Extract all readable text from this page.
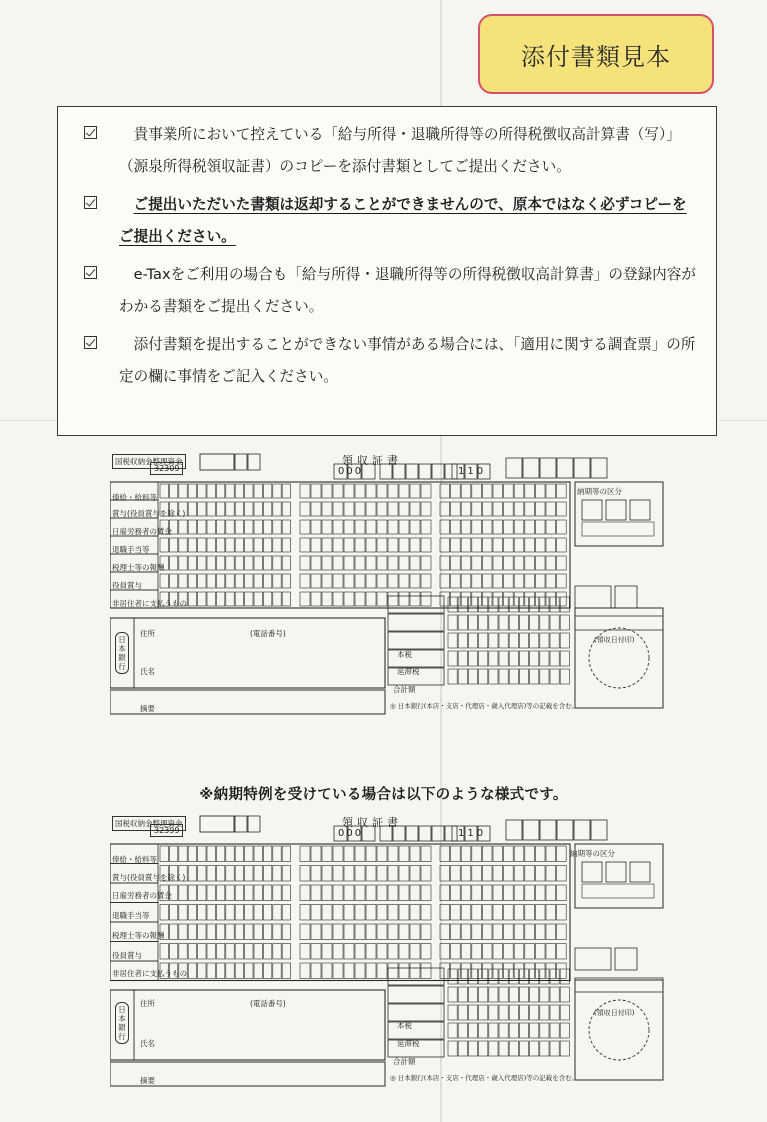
添付書類見本
貴事業所において控えている「給与所得・退職所得等の所得税徴収高計算書（写）」（源泉所得税領収証書）のコピーを添付書類としてご提出ください。
ご提出いただいた書類は返却することができませんので、原本ではなく必ずコピーをご提出ください。
e-Taxをご利用の場合も「給与所得・退職所得等の所得税徴収高計算書」の登録内容がわかる書類をご提出ください。
添付書類を提出することができない事情がある場合には、「適用に関する調査票」の所定の欄に事情をご記入ください。
国税収納金整理資金
32309
領収証書
000	110
納期等の区分
俸給・給料等
賞与(役員賞与を除く)
日雇労務者の賃金
退職手当等
税理士等の報酬
役員賞与
非居住者に支払うもの
本税
延滞税
合計額
摘要
住所
氏名
(電話番号)
(領収日付印)
日本銀行
◎ 日本銀行(本店・支店・代理店・歳入代理店)等の記載を含む。
※納期特例を受けている場合は以下のような様式です。
国税収納金整理資金
32399
領収証書
000	110
納期等の区分
俸給・給料等
賞与(役員賞与を除く)
日雇労務者の賃金
退職手当等
税理士等の報酬
役員賞与
非居住者に支払うもの
本税
延滞税
合計額
摘要
住所
氏名
(電話番号)
(領収日付印)
日本銀行
◎ 日本銀行(本店・支店・代理店・歳入代理店)等の記載を含む。
